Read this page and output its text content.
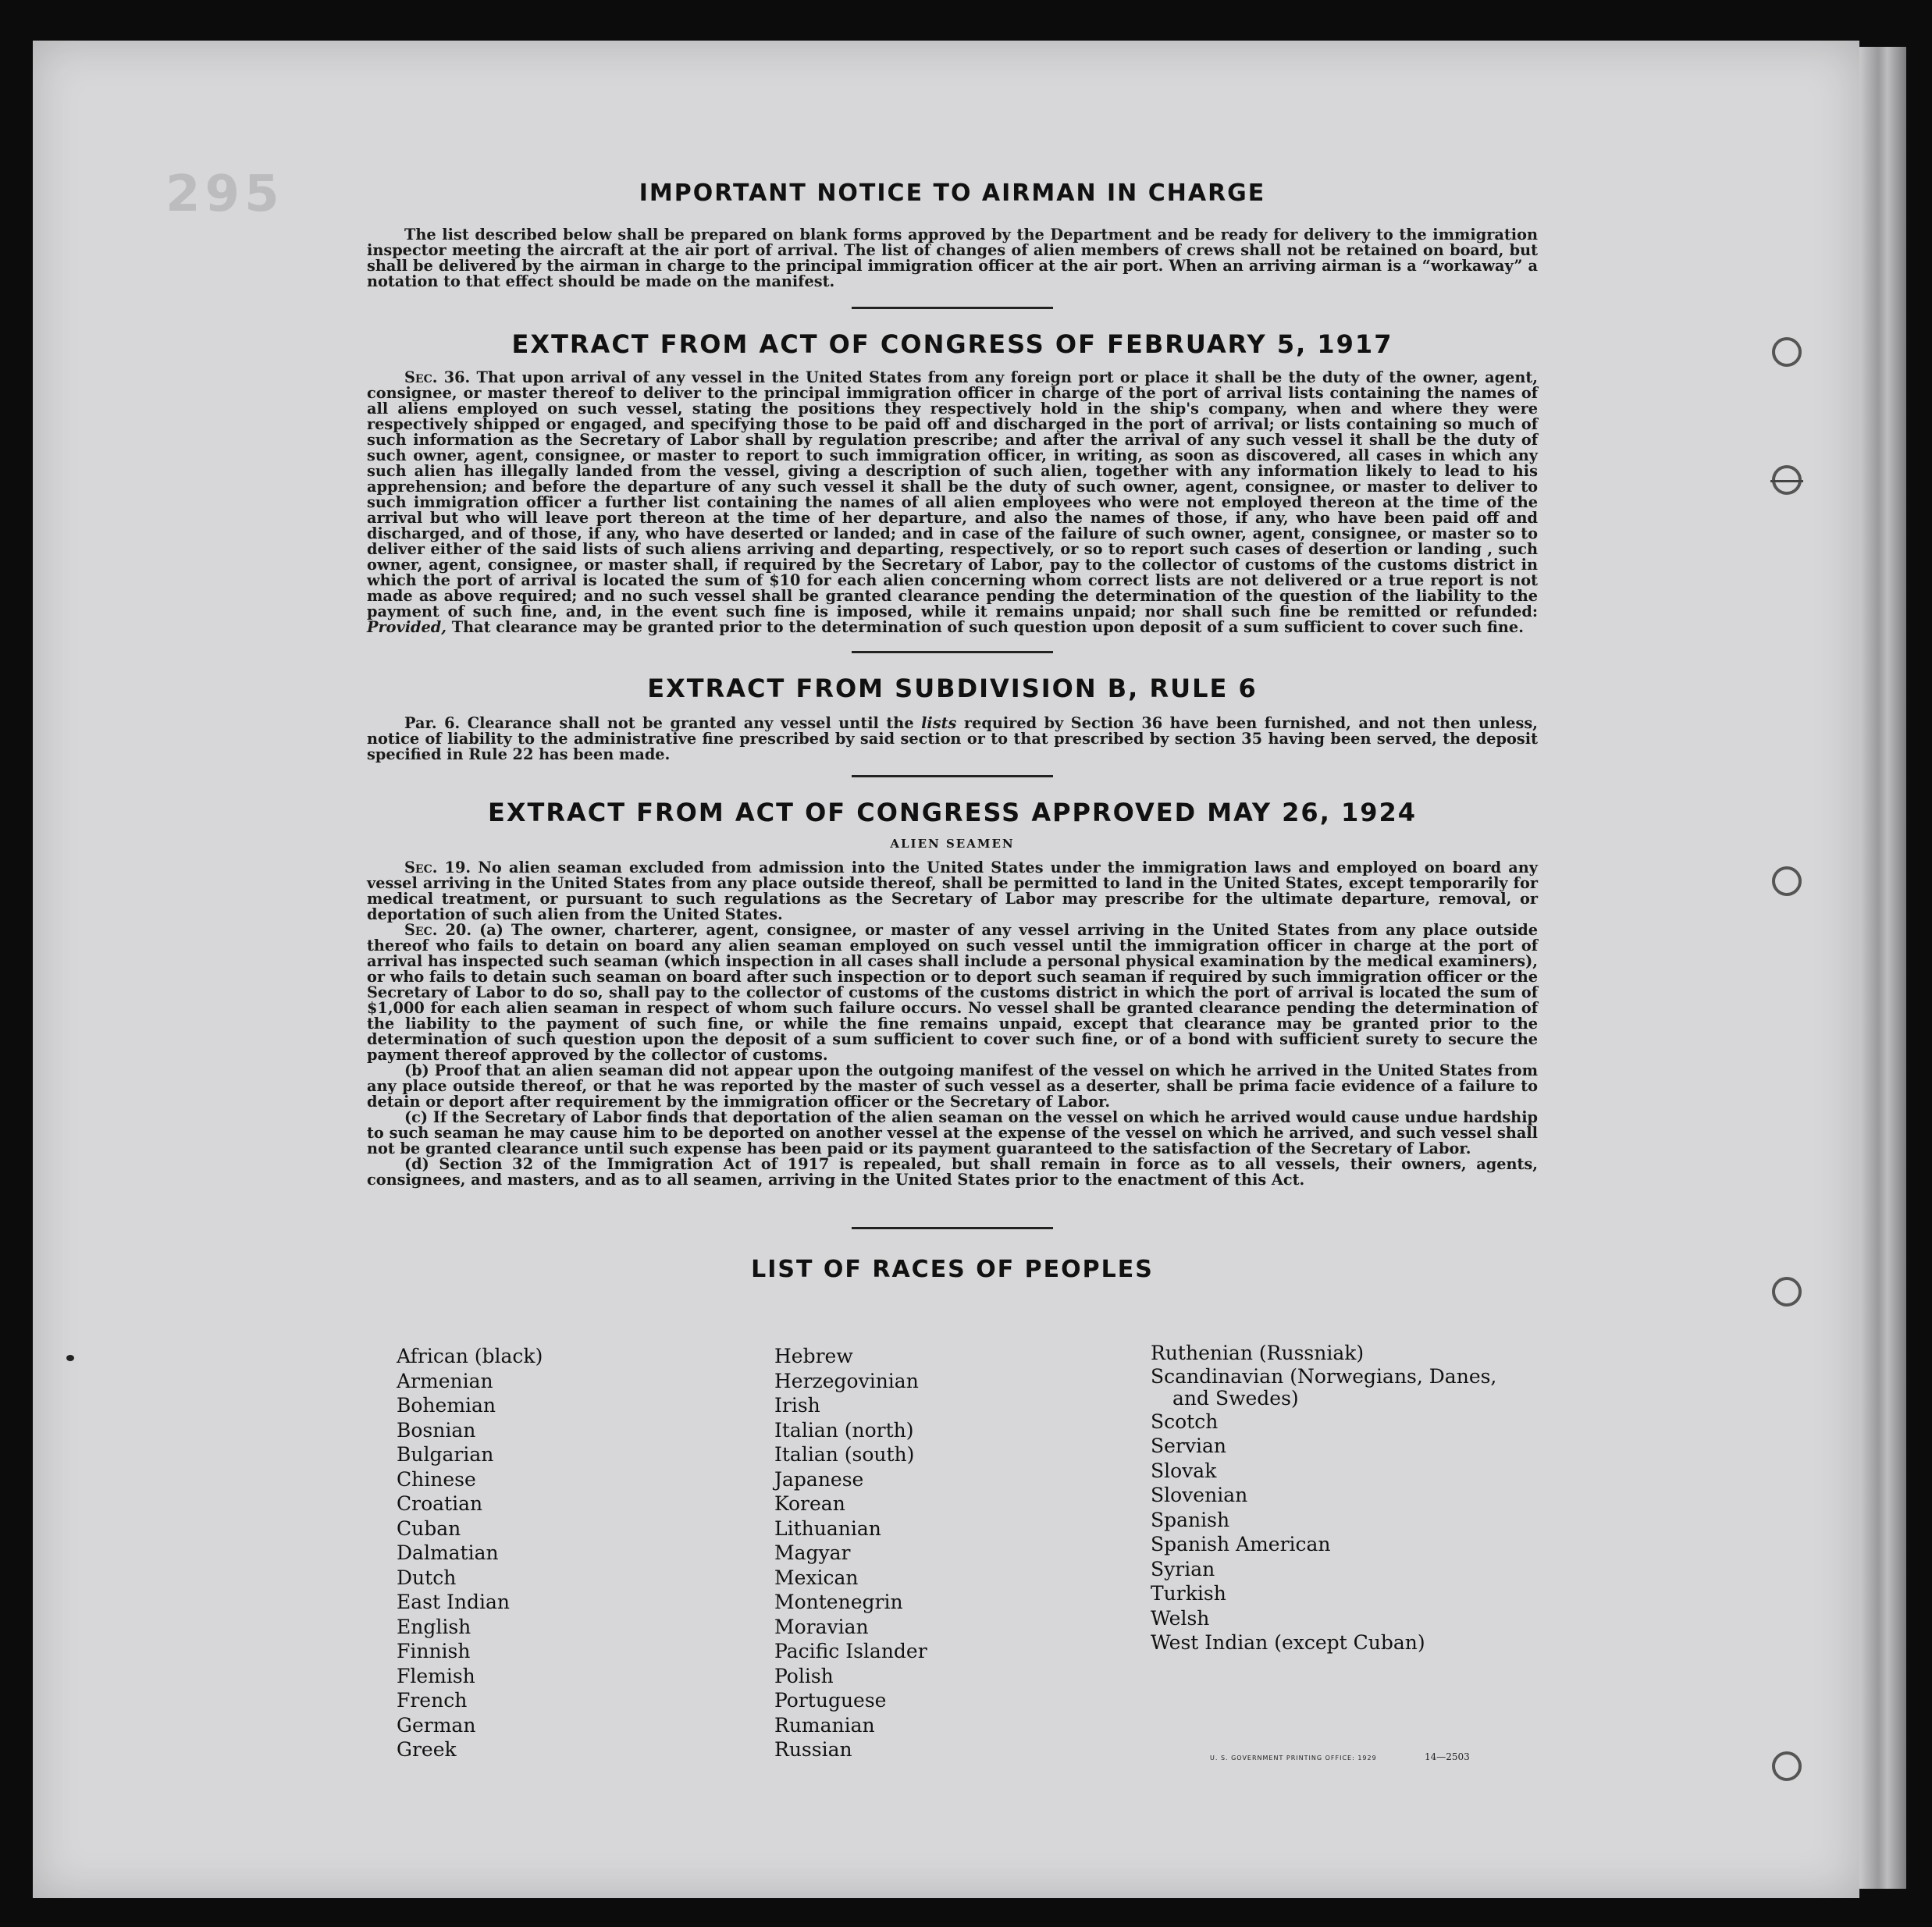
295	IMPORTANT NOTICE TO AIRMAN IN CHARGE

The list described below shall be prepared on blank forms approved by the Department and be ready for delivery to the immigration inspector meeting the aircraft at the air port of arrival. The list of changes of alien members of crews shall not be retained on board, but shall be delivered by the airman in charge to the principal immigration officer at the air port. When an arriving airman is a “workaway” a notation to that effect should be made on the manifest.

EXTRACT FROM ACT OF CONGRESS OF FEBRUARY 5, 1917

Sec. 36. That upon arrival of any vessel in the United States from any foreign port or place it shall be the duty of the owner, agent, consignee, or master thereof to deliver to the principal immigration officer in charge of the port of arrival lists containing the names of all aliens employed on such vessel, stating the positions they respectively hold in the ship's company, when and where they were respectively shipped or engaged, and specifying those to be paid off and discharged in the port of arrival; or lists containing so much of such information as the Secretary of Labor shall by regulation prescribe; and after the arrival of any such vessel it shall be the duty of such owner, agent, consignee, or master to report to such immigration officer, in writing, as soon as discovered, all cases in which any such alien has illegally landed from the vessel, giving a description of such alien, together with any information likely to lead to his apprehension; and before the departure of any such vessel it shall be the duty of such owner, agent, consignee, or master to deliver to such immigration officer a further list containing the names of all alien employees who were not employed thereon at the time of the arrival but who will leave port thereon at the time of her departure, and also the names of those, if any, who have been paid off and discharged, and of those, if any, who have deserted or landed; and in case of the failure of such owner, agent, consignee, or master so to deliver either of the said lists of such aliens arriving and departing, respectively, or so to report such cases of desertion or landing , such owner, agent, consignee, or master shall, if required by the Secretary of Labor, pay to the collector of customs of the customs district in which the port of arrival is located the sum of $10 for each alien concerning whom correct lists are not delivered or a true report is not made as above required; and no such vessel shall be granted clearance pending the determination of the question of the liability to the payment of such fine, and, in the event such fine is imposed, while it remains unpaid; nor shall such fine be remitted or refunded: Provided, That clearance may be granted prior to the determination of such question upon deposit of a sum sufficient to cover such fine.

EXTRACT FROM SUBDIVISION B, RULE 6

Par. 6. Clearance shall not be granted any vessel until the lists required by Section 36 have been furnished, and not then unless, notice of liability to the administrative fine prescribed by said section or to that prescribed by section 35 having been served, the deposit specified in Rule 22 has been made.

EXTRACT FROM ACT OF CONGRESS APPROVED MAY 26, 1924

ALIEN SEAMEN

Sec. 19. No alien seaman excluded from admission into the United States under the immigration laws and employed on board any vessel arriving in the United States from any place outside thereof, shall be permitted to land in the United States, except temporarily for medical treatment, or pursuant to such regulations as the Secretary of Labor may prescribe for the ultimate departure, removal, or deportation of such alien from the United States.

Sec. 20. (a) The owner, charterer, agent, consignee, or master of any vessel arriving in the United States from any place outside thereof who fails to detain on board any alien seaman employed on such vessel until the immigration officer in charge at the port of arrival has inspected such seaman (which inspection in all cases shall include a personal physical examination by the medical examiners), or who fails to detain such seaman on board after such inspection or to deport such seaman if required by such immigration officer or the Secretary of Labor to do so, shall pay to the collector of customs of the customs district in which the port of arrival is located the sum of $1,000 for each alien seaman in respect of whom such failure occurs. No vessel shall be granted clearance pending the determination of the liability to the payment of such fine, or while the fine remains unpaid, except that clearance may be granted prior to the determination of such question upon the deposit of a sum sufficient to cover such fine, or of a bond with sufficient surety to secure the payment thereof approved by the collector of customs.

(b) Proof that an alien seaman did not appear upon the outgoing manifest of the vessel on which he arrived in the United States from any place outside thereof, or that he was reported by the master of such vessel as a deserter, shall be prima facie evidence of a failure to detain or deport after requirement by the immigration officer or the Secretary of Labor.

(c) If the Secretary of Labor finds that deportation of the alien seaman on the vessel on which he arrived would cause undue hardship to such seaman he may cause him to be deported on another vessel at the expense of the vessel on which he arrived, and such vessel shall not be granted clearance until such expense has been paid or its payment guaranteed to the satisfaction of the Secretary of Labor.

(d) Section 32 of the Immigration Act of 1917 is repealed, but shall remain in force as to all vessels, their owners, agents, consignees, and masters, and as to all seamen, arriving in the United States prior to the enactment of this Act.

LIST OF RACES OF PEOPLES
African (black)
Armenian
Bohemian
Bosnian
Bulgarian
Chinese
Croatian
Cuban
Dalmatian
Dutch
East Indian
English
Finnish
Flemish
French
German
Greek
Hebrew
Herzegovinian
Irish
Italian (north)
Italian (south)
Japanese
Korean
Lithuanian
Magyar
Mexican
Montenegrin
Moravian
Pacific Islander
Polish
Portuguese
Rumanian
Russian
Ruthenian (Russniak)
Scandinavian (Norwegians, Danes, and Swedes)
Scotch
Servian
Slovak
Slovenian
Spanish
Spanish American
Syrian
Turkish
Welsh
West Indian (except Cuban)
U. S. GOVERNMENT PRINTING OFFICE: 1929	14—2503
